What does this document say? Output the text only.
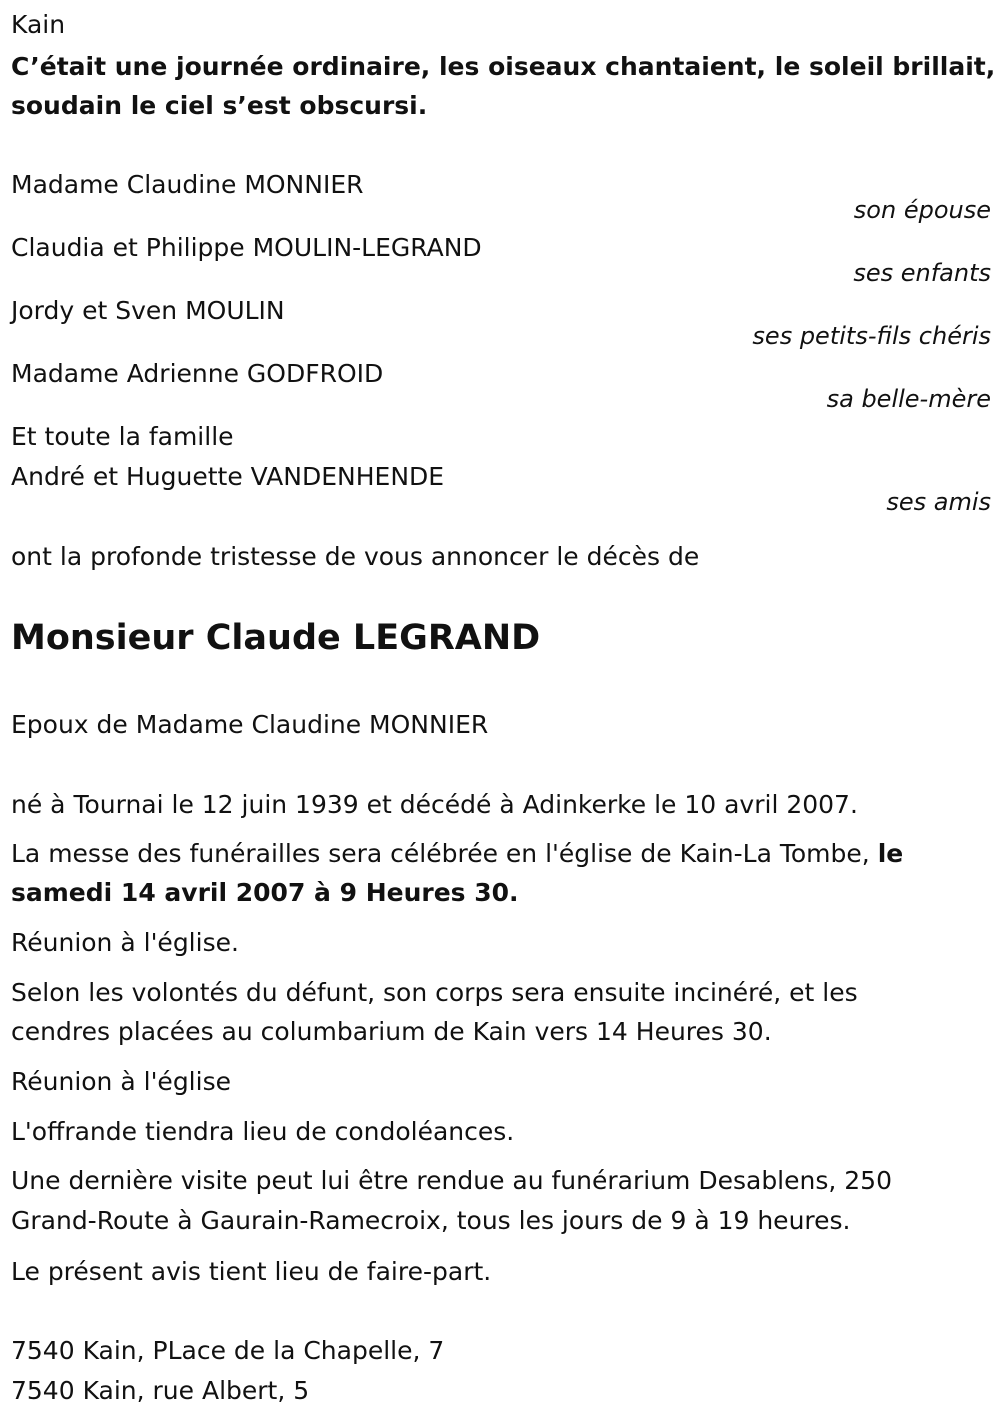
Kain
C’était une journée ordinaire, les oiseaux chantaient, le soleil brillait,
soudain le ciel s’est obscursi.
Madame Claudine MONNIER
son épouse
Claudia et Philippe MOULIN-LEGRAND
ses enfants
Jordy et Sven MOULIN
ses petits-fils chéris
Madame Adrienne GODFROID
sa belle-mère
Et toute la famille
André et Huguette VANDENHENDE
ses amis
ont la profonde tristesse de vous annoncer le décès de
Monsieur Claude LEGRAND
Epoux de Madame Claudine MONNIER
né à Tournai le 12 juin 1939 et décédé à Adinkerke le 10 avril 2007.
La messe des funérailles sera célébrée en l'église de Kain-La Tombe, le
samedi 14 avril 2007 à 9 Heures 30.
Réunion à l'église.
Selon les volontés du défunt, son corps sera ensuite incinéré, et les
cendres placées au columbarium de Kain vers 14 Heures 30.
Réunion à l'église
L'offrande tiendra lieu de condoléances.
Une dernière visite peut lui être rendue au funérarium Desablens, 250
Grand-Route à Gaurain-Ramecroix, tous les jours de 9 à 19 heures.
Le présent avis tient lieu de faire-part.
7540 Kain, PLace de la Chapelle, 7
7540 Kain, rue Albert, 5
